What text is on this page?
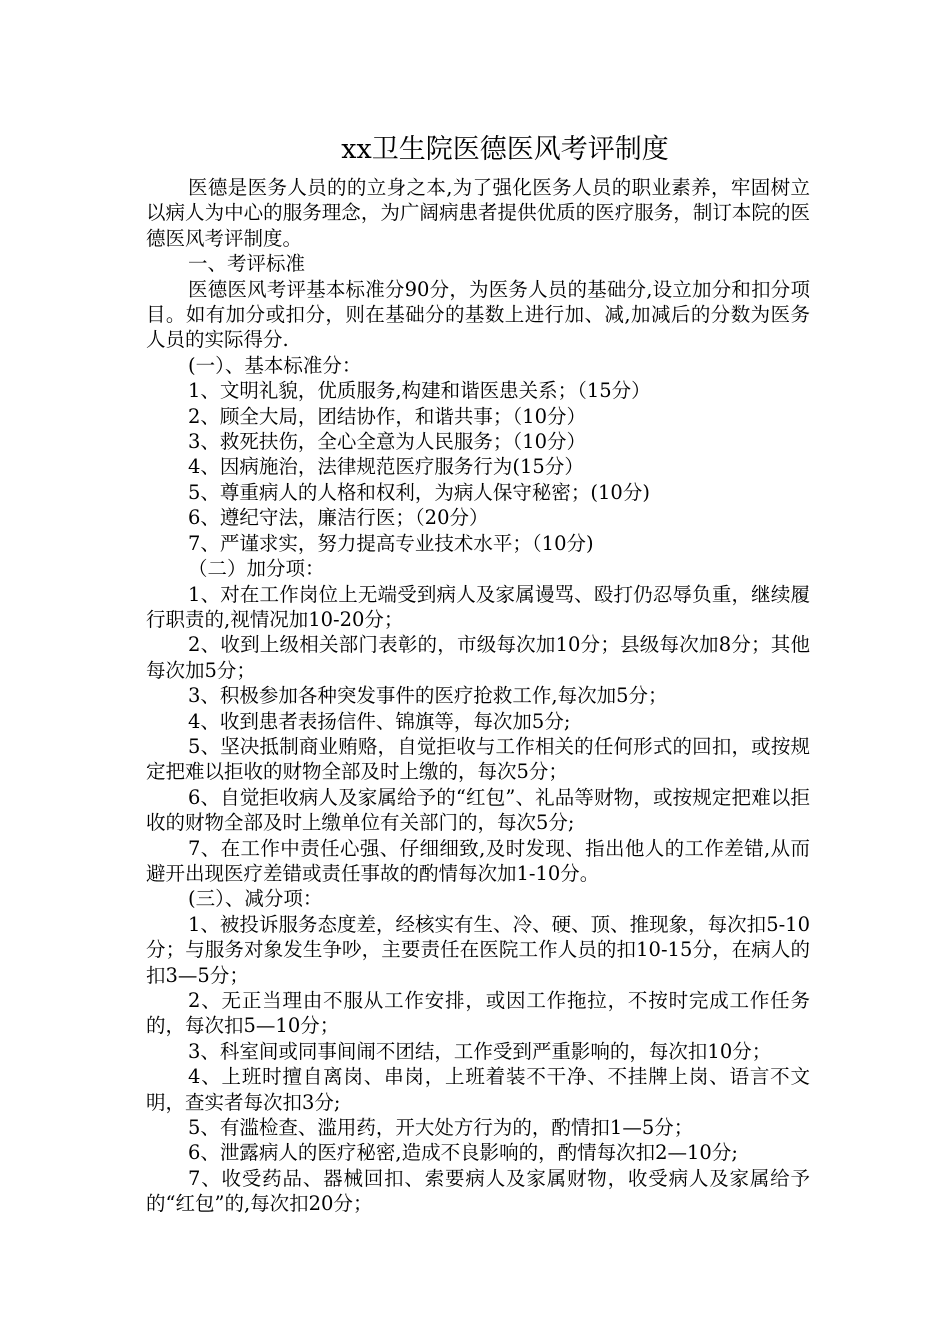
xx卫生院医德医风考评制度

医德是医务人员的的立身之本,为了强化医务人员的职业素养，牢固树立以病人为中心的服务理念，为广阔病患者提供优质的医疗服务，制订本院的医德医风考评制度。

一、考评标准

医德医风考评基本标准分90分，为医务人员的基础分,设立加分和扣分项目。如有加分或扣分，则在基础分的基数上进行加、减,加减后的分数为医务人员的实际得分.

(一）、基本标准分：

1、文明礼貌，优质服务,构建和谐医患关系；（15分）

2、顾全大局，团结协作，和谐共事；（10分）

3、救死扶伤，全心全意为人民服务；（10分）

4、因病施治，法律规范医疗服务行为(15分）

5、尊重病人的人格和权利，为病人保守秘密；(10分)

6、遵纪守法，廉洁行医；（20分）

7、严谨求实，努力提高专业技术水平；（10分)

（二）加分项：

1、对在工作岗位上无端受到病人及家属谩骂、殴打仍忍辱负重，继续履行职责的,视情况加10-20分；

2、收到上级相关部门表彰的，市级每次加10分；县级每次加8分；其他每次加5分；

3、积极参加各种突发事件的医疗抢救工作,每次加5分；

4、收到患者表扬信件、锦旗等，每次加5分;

5、坚决抵制商业贿赂，自觉拒收与工作相关的任何形式的回扣，或按规定把难以拒收的财物全部及时上缴的，每次5分；

6、自觉拒收病人及家属给予的“红包”、礼品等财物，或按规定把难以拒收的财物全部及时上缴单位有关部门的，每次5分;

7、在工作中责任心强、仔细细致,及时发现、指出他人的工作差错,从而避开出现医疗差错或责任事故的酌情每次加1-10分。

(三）、减分项：

1、被投诉服务态度差，经核实有生、冷、硬、顶、推现象，每次扣5-10分；与服务对象发生争吵，主要责任在医院工作人员的扣10-15分，在病人的扣3—5分；

2、无正当理由不服从工作安排，或因工作拖拉，不按时完成工作任务的，每次扣5—10分；

3、科室间或同事间闹不团结，工作受到严重影响的，每次扣10分；

4、上班时擅自离岗、串岗，上班着装不干净、不挂牌上岗、语言不文明，查实者每次扣3分;

5、有滥检查、滥用药，开大处方行为的，酌情扣1—5分；

6、泄露病人的医疗秘密,造成不良影响的，酌情每次扣2—10分;

7、收受药品、器械回扣、索要病人及家属财物，收受病人及家属给予的“红包”的,每次扣20分；
